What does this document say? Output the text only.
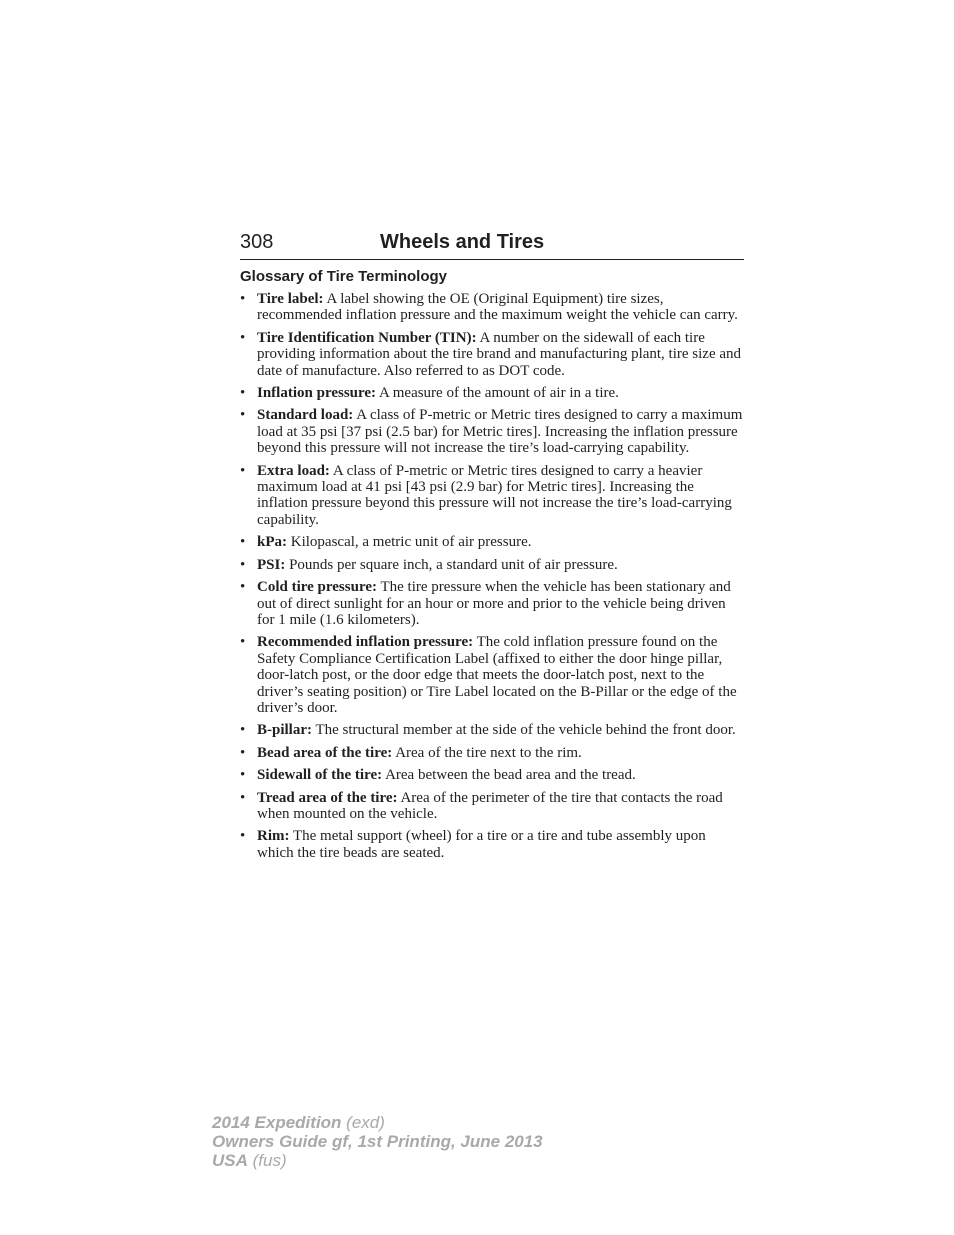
308	Wheels and Tires
Glossary of Tire Terminology
• Tire label: A label showing the OE (Original Equipment) tire sizes, recommended inflation pressure and the maximum weight the vehicle can carry.
• Tire Identification Number (TIN): A number on the sidewall of each tire providing information about the tire brand and manufacturing plant, tire size and date of manufacture. Also referred to as DOT code.
• Inflation pressure: A measure of the amount of air in a tire.
• Standard load: A class of P-metric or Metric tires designed to carry a maximum load at 35 psi [37 psi (2.5 bar) for Metric tires]. Increasing the inflation pressure beyond this pressure will not increase the tire’s load-carrying capability.
• Extra load: A class of P-metric or Metric tires designed to carry a heavier maximum load at 41 psi [43 psi (2.9 bar) for Metric tires]. Increasing the inflation pressure beyond this pressure will not increase the tire’s load-carrying capability.
• kPa: Kilopascal, a metric unit of air pressure.
• PSI: Pounds per square inch, a standard unit of air pressure.
• Cold tire pressure: The tire pressure when the vehicle has been stationary and out of direct sunlight for an hour or more and prior to the vehicle being driven for 1 mile (1.6 kilometers).
• Recommended inflation pressure: The cold inflation pressure found on the Safety Compliance Certification Label (affixed to either the door hinge pillar, door-latch post, or the door edge that meets the door-latch post, next to the driver’s seating position) or Tire Label located on the B-Pillar or the edge of the driver’s door.
• B-pillar: The structural member at the side of the vehicle behind the front door.
• Bead area of the tire: Area of the tire next to the rim.
• Sidewall of the tire: Area between the bead area and the tread.
• Tread area of the tire: Area of the perimeter of the tire that contacts the road when mounted on the vehicle.
• Rim: The metal support (wheel) for a tire or a tire and tube assembly upon which the tire beads are seated.
2014 Expedition (exd)
Owners Guide gf, 1st Printing, June 2013
USA (fus)
